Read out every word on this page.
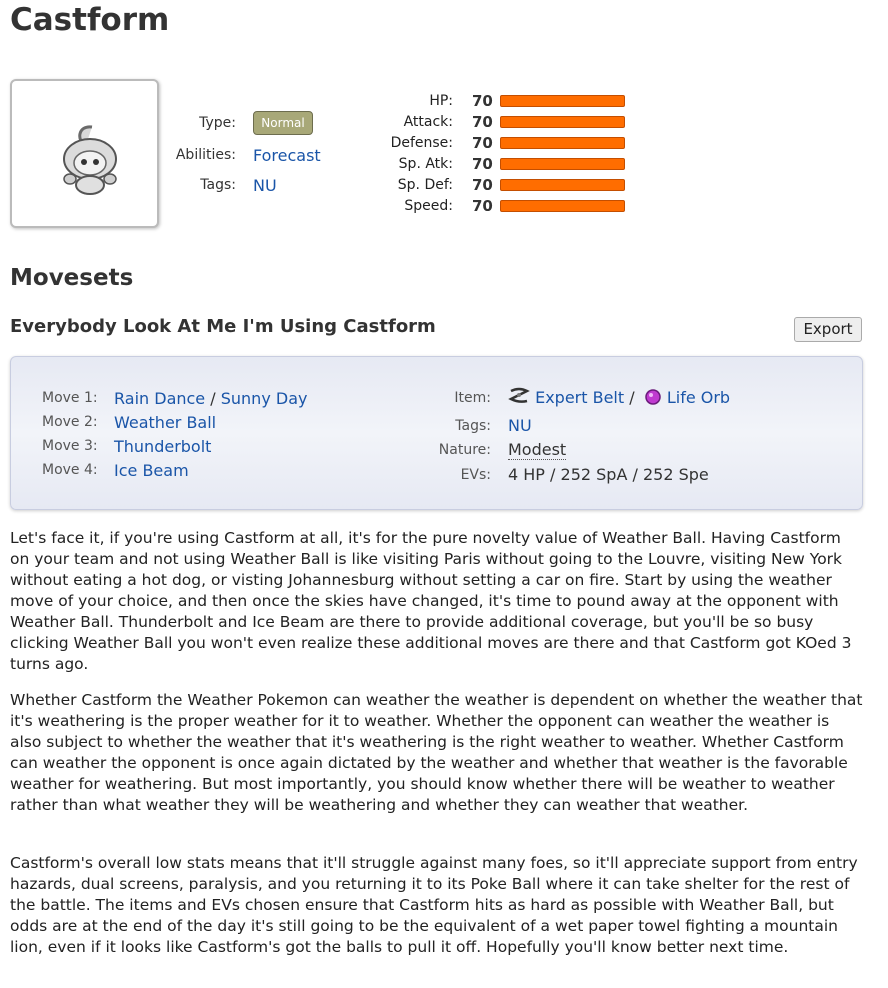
Castform
Type:	Normal
Abilities: Forecast
Tags: NU
HP: 70
Attack: 70
Defense: 70
Sp. Atk: 70
Sp. Def: 70
Speed: 70
Movesets
Everybody Look At Me I'm Using Castform	Export
Move 1: Rain Dance / Sunny Day
Move 2: Weather Ball
Move 3: Thunderbolt
Move 4: Ice Beam
Item:	Expert Belt / Life Orb
Tags: NU
Nature: Modest
EVs: 4 HP / 252 SpA / 252 Spe

Let's face it, if you're using Castform at all, it's for the pure novelty value of Weather Ball. Having Castform on your team and not using Weather Ball is like visiting Paris without going to the Louvre, visiting New York without eating a hot dog, or visting Johannesburg without setting a car on fire. Start by using the weather move of your choice, and then once the skies have changed, it's time to pound away at the opponent with Weather Ball. Thunderbolt and Ice Beam are there to provide additional coverage, but you'll be so busy clicking Weather Ball you won't even realize these additional moves are there and that Castform got KOed 3 turns ago.

Whether Castform the Weather Pokemon can weather the weather is dependent on whether the weather that it's weathering is the proper weather for it to weather. Whether the opponent can weather the weather is also subject to whether the weather that it's weathering is the right weather to weather. Whether Castform can weather the opponent is once again dictated by the weather and whether that weather is the favorable weather for weathering. But most importantly, you should know whether there will be weather to weather rather than what weather they will be weathering and whether they can weather that weather.

Castform's overall low stats means that it'll struggle against many foes, so it'll appreciate support from entry hazards, dual screens, paralysis, and you returning it to its Poke Ball where it can take shelter for the rest of the battle. The items and EVs chosen ensure that Castform hits as hard as possible with Weather Ball, but odds are at the end of the day it's still going to be the equivalent of a wet paper towel fighting a mountain lion, even if it looks like Castform's got the balls to pull it off. Hopefully you'll know better next time.
